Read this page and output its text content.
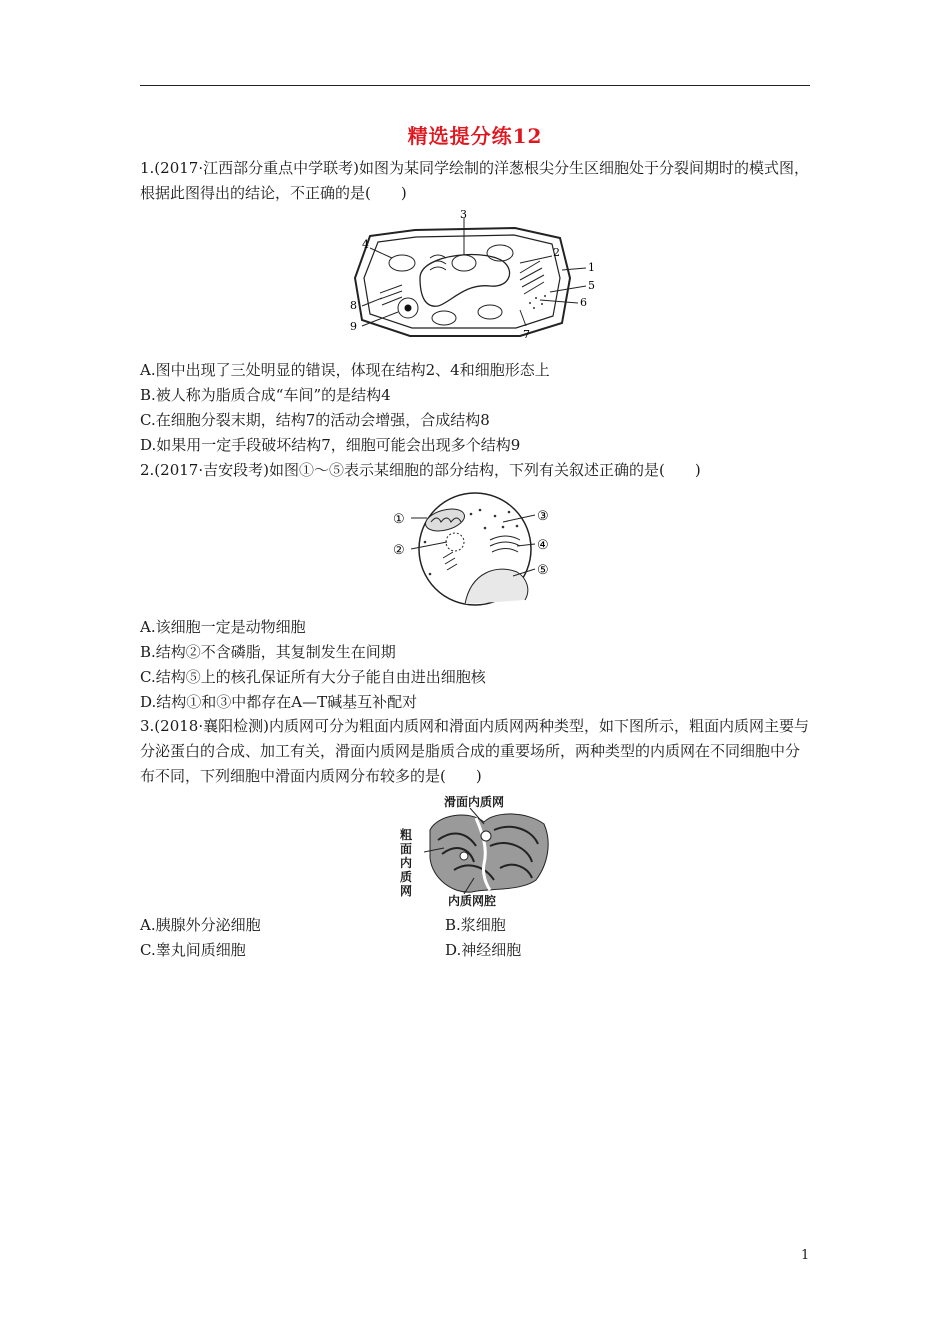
精选提分练12
1.(2017·江西部分重点中学联考)如图为某同学绘制的洋葱根尖分生区细胞处于分裂间期时的模式图，根据此图得出的结论，不正确的是(　　)
3
2
1
5
6
7
4
8
9
A.图中出现了三处明显的错误，体现在结构2、4和细胞形态上
B.被人称为脂质合成“车间”的是结构4
C.在细胞分裂末期，结构7的活动会增强，合成结构8
D.如果用一定手段破坏结构7，细胞可能会出现多个结构9
2.(2017·吉安段考)如图①～⑤表示某细胞的部分结构，下列有关叙述正确的是(　　)
①
②
③
④
⑤
A.该细胞一定是动物细胞
B.结构②不含磷脂，其复制发生在间期
C.结构⑤上的核孔保证所有大分子能自由进出细胞核
D.结构①和③中都存在A—T碱基互补配对
3.(2018·襄阳检测)内质网可分为粗面内质网和滑面内质网两种类型，如下图所示，粗面内质网主要与分泌蛋白的合成、加工有关，滑面内质网是脂质合成的重要场所，两种类型的内质网在不同细胞中分布不同，下列细胞中滑面内质网分布较多的是(　　)
滑面内质网
粗面内质网
内质网腔
A.胰腺外分泌细胞	B.浆细胞
C.睾丸间质细胞	D.神经细胞
1
